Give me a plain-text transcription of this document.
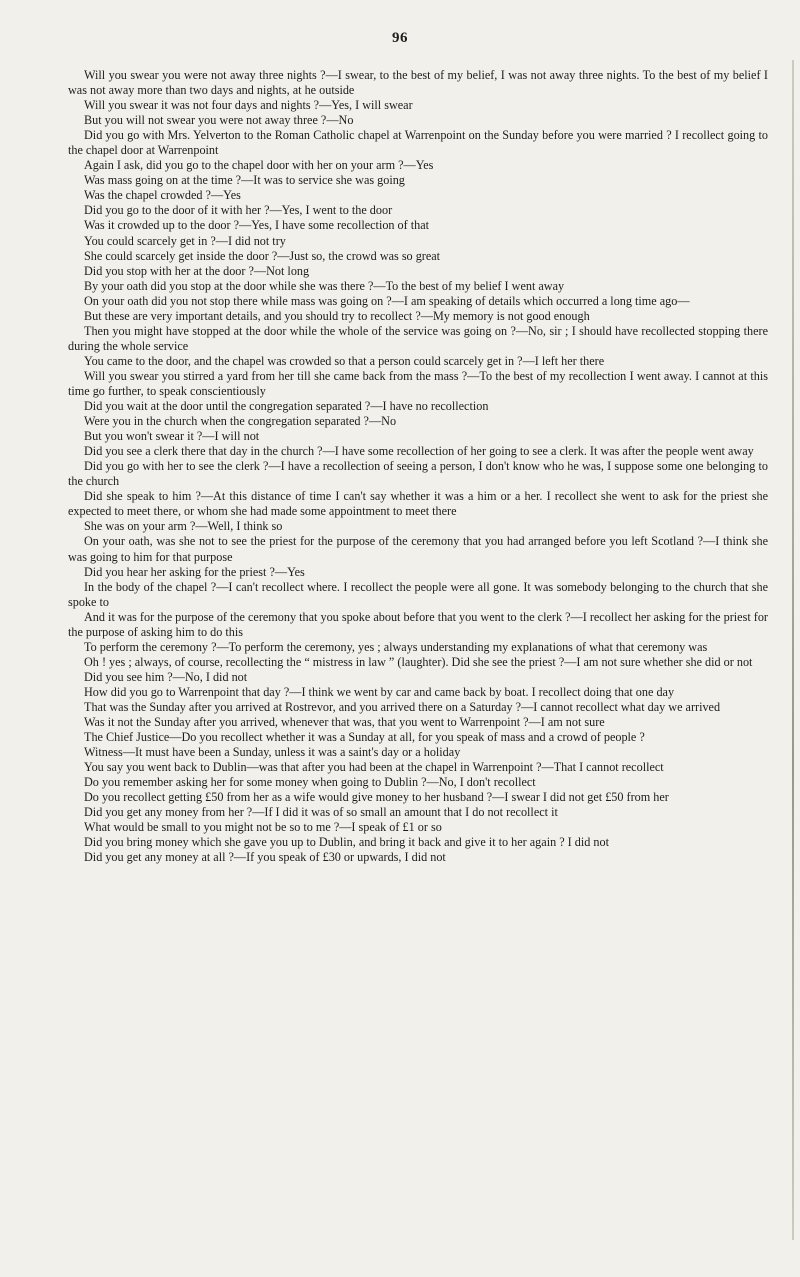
96

Will you swear you were not away three nights ?—I swear, to the best of my belief, I was not away three nights. To the best of my belief I was not away more than two days and nights, at he outside

Will you swear it was not four days and nights ?—Yes, I will swear

But you will not swear you were not away three ?—No

Did you go with Mrs. Yelverton to the Roman Catholic chapel at Warrenpoint on the Sunday before you were married ? I recollect going to the chapel door at Warrenpoint

Again I ask, did you go to the chapel door with her on your arm ?—Yes

Was mass going on at the time ?—It was to service she was going

Was the chapel crowded ?—Yes

Did you go to the door of it with her ?—Yes, I went to the door

Was it crowded up to the door ?—Yes, I have some recollection of that

You could scarcely get in ?—I did not try

She could scarcely get inside the door ?—Just so, the crowd was so great

Did you stop with her at the door ?—Not long

By your oath did you stop at the door while she was there ?—To the best of my belief I went away

On your oath did you not stop there while mass was going on ?—I am speaking of details which occurred a long time ago—

But these are very important details, and you should try to recollect ?—My memory is not good enough

Then you might have stopped at the door while the whole of the service was going on ?—No, sir ; I should have recollected stopping there during the whole service

You came to the door, and the chapel was crowded so that a person could scarcely get in ?—I left her there

Will you swear you stirred a yard from her till she came back from the mass ?—To the best of my recollection I went away. I cannot at this time go further, to speak conscientiously

Did you wait at the door until the congregation separated ?—I have no recollection

Were you in the church when the congregation separated ?—No

But you won't swear it ?—I will not

Did you see a clerk there that day in the church ?—I have some recollection of her going to see a clerk. It was after the people went away

Did you go with her to see the clerk ?—I have a recollection of seeing a person, I don't know who he was, I suppose some one belonging to the church

Did she speak to him ?—At this distance of time I can't say whether it was a him or a her. I recollect she went to ask for the priest she expected to meet there, or whom she had made some appointment to meet there

She was on your arm ?—Well, I think so

On your oath, was she not to see the priest for the purpose of the ceremony that you had arranged before you left Scotland ?—I think she was going to him for that purpose

Did you hear her asking for the priest ?—Yes

In the body of the chapel ?—I can't recollect where. I recollect the people were all gone. It was somebody belonging to the church that she spoke to

And it was for the purpose of the ceremony that you spoke about before that you went to the clerk ?—I recollect her asking for the priest for the purpose of asking him to do this

To perform the ceremony ?—To perform the ceremony, yes ; always understanding my explanations of what that ceremony was

Oh ! yes ; always, of course, recollecting the “ mistress in law ” (laughter). Did she see the priest ?—I am not sure whether she did or not

Did you see him ?—No, I did not

How did you go to Warrenpoint that day ?—I think we went by car and came back by boat. I recollect doing that one day

That was the Sunday after you arrived at Rostrevor, and you arrived there on a Saturday ?—I cannot recollect what day we arrived

Was it not the Sunday after you arrived, whenever that was, that you went to Warrenpoint ?—I am not sure

The Chief Justice—Do you recollect whether it was a Sunday at all, for you speak of mass and a crowd of people ?

Witness—It must have been a Sunday, unless it was a saint's day or a holiday

You say you went back to Dublin—was that after you had been at the chapel in Warrenpoint ?—That I cannot recollect

Do you remember asking her for some money when going to Dublin ?—No, I don't recollect

Do you recollect getting £50 from her as a wife would give money to her husband ?—I swear I did not get £50 from her

Did you get any money from her ?—If I did it was of so small an amount that I do not recollect it

What would be small to you might not be so to me ?—I speak of £1 or so

Did you bring money which she gave you up to Dublin, and bring it back and give it to her again ? I did not

Did you get any money at all ?—If you speak of £30 or upwards, I did not
